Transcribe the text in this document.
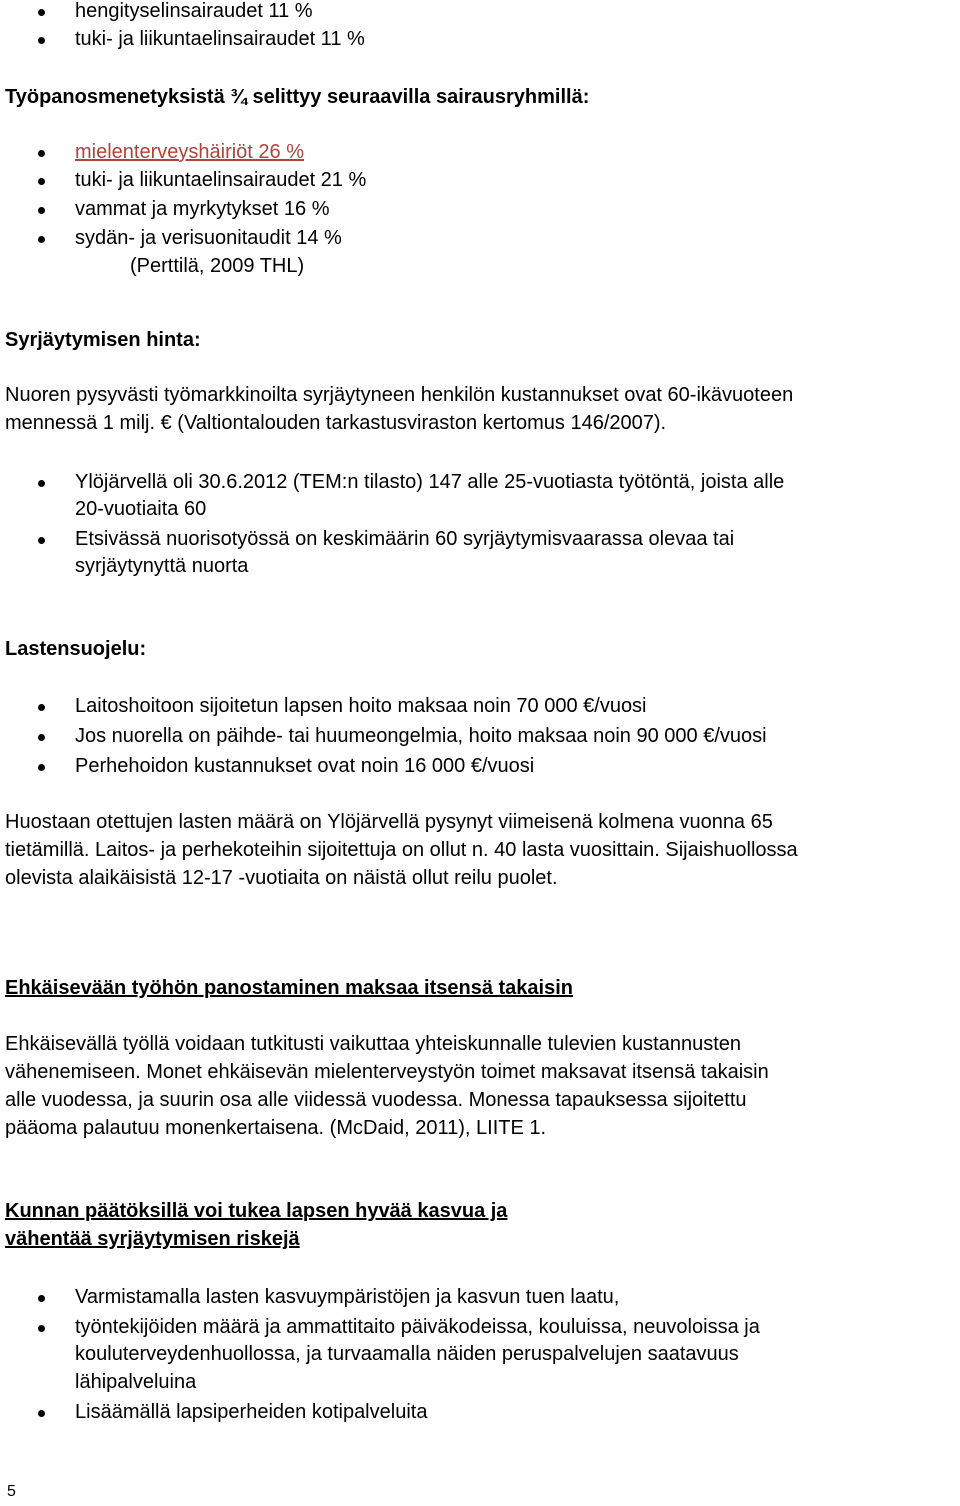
hengityselinsairaudet 11 %

tuki- ja liikuntaelinsairaudet 11 %

Työpanosmenetyksistä ¾ selittyy seuraavilla sairausryhmillä:

mielenterveyshäiriöt 26 %

tuki- ja liikuntaelinsairaudet 21 %

vammat ja myrkytykset 16 %

sydän- ja verisuonitaudit 14 %

(Perttilä, 2009 THL)

Syrjäytymisen hinta:

Nuoren pysyvästi työmarkkinoilta syrjäytyneen henkilön kustannukset ovat 60-ikävuoteen

mennessä 1 milj. € (Valtiontalouden tarkastusviraston kertomus 146/2007).

Ylöjärvellä oli 30.6.2012 (TEM:n tilasto) 147 alle 25-vuotiasta työtöntä, joista alle

20-vuotiaita 60

Etsivässä nuorisotyössä on keskimäärin 60 syrjäytymisvaarassa olevaa tai

syrjäytynyttä nuorta

Lastensuojelu:

Laitoshoitoon sijoitetun lapsen hoito maksaa noin 70 000 €/vuosi

Jos nuorella on päihde- tai huumeongelmia, hoito maksaa noin 90 000 €/vuosi

Perhehoidon kustannukset ovat noin 16 000 €/vuosi

Huostaan otettujen lasten määrä on Ylöjärvellä pysynyt viimeisenä kolmena vuonna 65

tietämillä. Laitos- ja perhekoteihin sijoitettuja on ollut n. 40 lasta vuosittain. Sijaishuollossa

olevista alaikäisistä 12-17 -vuotiaita on näistä ollut reilu puolet.

Ehkäisevään työhön panostaminen maksaa itsensä takaisin

Ehkäisevällä työllä voidaan tutkitusti vaikuttaa yhteiskunnalle tulevien kustannusten

vähenemiseen. Monet ehkäisevän mielenterveystyön toimet maksavat itsensä takaisin

alle vuodessa, ja suurin osa alle viidessä vuodessa. Monessa tapauksessa sijoitettu

pääoma palautuu monenkertaisena. (McDaid, 2011), LIITE 1.

Kunnan päätöksillä voi tukea lapsen hyvää kasvua ja

vähentää syrjäytymisen riskejä

Varmistamalla lasten kasvuympäristöjen ja kasvun tuen laatu,

työntekijöiden määrä ja ammattitaito päiväkodeissa, kouluissa, neuvoloissa ja

kouluterveydenhuollossa, ja turvaamalla näiden peruspalvelujen saatavuus

lähipalveluina

Lisäämällä lapsiperheiden kotipalveluita

5
